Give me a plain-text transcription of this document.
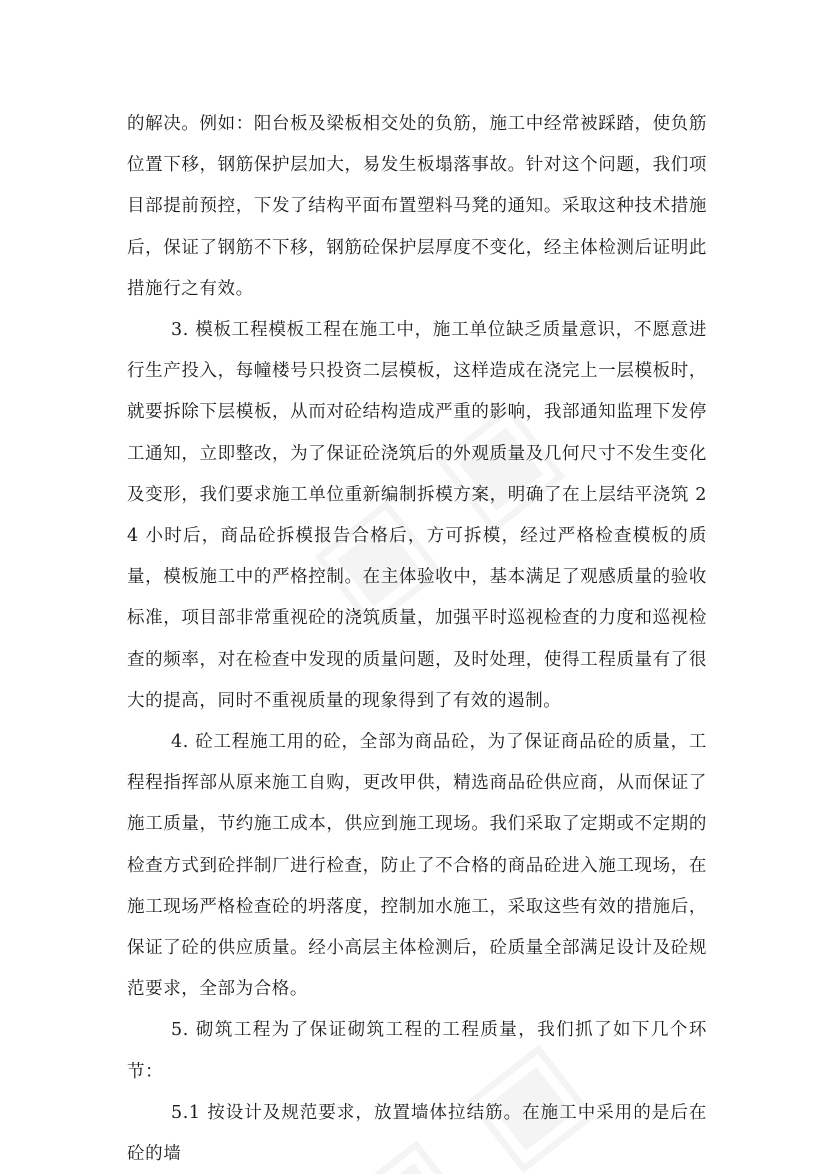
的解决。例如：阳台板及梁板相交处的负筋，施工中经常被踩踏，使负筋位置下移，钢筋保护层加大，易发生板塌落事故。针对这个问题，我们项目部提前预控，下发了结构平面布置塑料马凳的通知。采取这种技术措施后，保证了钢筋不下移，钢筋砼保护层厚度不变化，经主体检测后证明此措施行之有效。

3. 模板工程模板工程在施工中，施工单位缺乏质量意识，不愿意进行生产投入，每幢楼号只投资二层模板，这样造成在浇完上一层模板时，就要拆除下层模板，从而对砼结构造成严重的影响，我部通知监理下发停工通知，立即整改，为了保证砼浇筑后的外观质量及几何尺寸不发生变化及变形，我们要求施工单位重新编制拆模方案，明确了在上层结平浇筑 24 小时后，商品砼拆模报告合格后，方可拆模，经过严格检查模板的质量，模板施工中的严格控制。在主体验收中，基本满足了观感质量的验收标准，项目部非常重视砼的浇筑质量，加强平时巡视检查的力度和巡视检查的频率，对在检查中发现的质量问题，及时处理，使得工程质量有了很大的提高，同时不重视质量的现象得到了有效的遏制。

4. 砼工程施工用的砼，全部为商品砼，为了保证商品砼的质量，工程程指挥部从原来施工自购，更改甲供，精选商品砼供应商，从而保证了施工质量，节约施工成本，供应到施工现场。我们采取了定期或不定期的检查方式到砼拌制厂进行检查，防止了不合格的商品砼进入施工现场，在施工现场严格检查砼的坍落度，控制加水施工，采取这些有效的措施后，保证了砼的供应质量。经小高层主体检测后，砼质量全部满足设计及砼规范要求，全部为合格。

5. 砌筑工程为了保证砌筑工程的工程质量，我们抓了如下几个环节：

5.1 按设计及规范要求，放置墙体拉结筋。在施工中采用的是后在砼的墙
